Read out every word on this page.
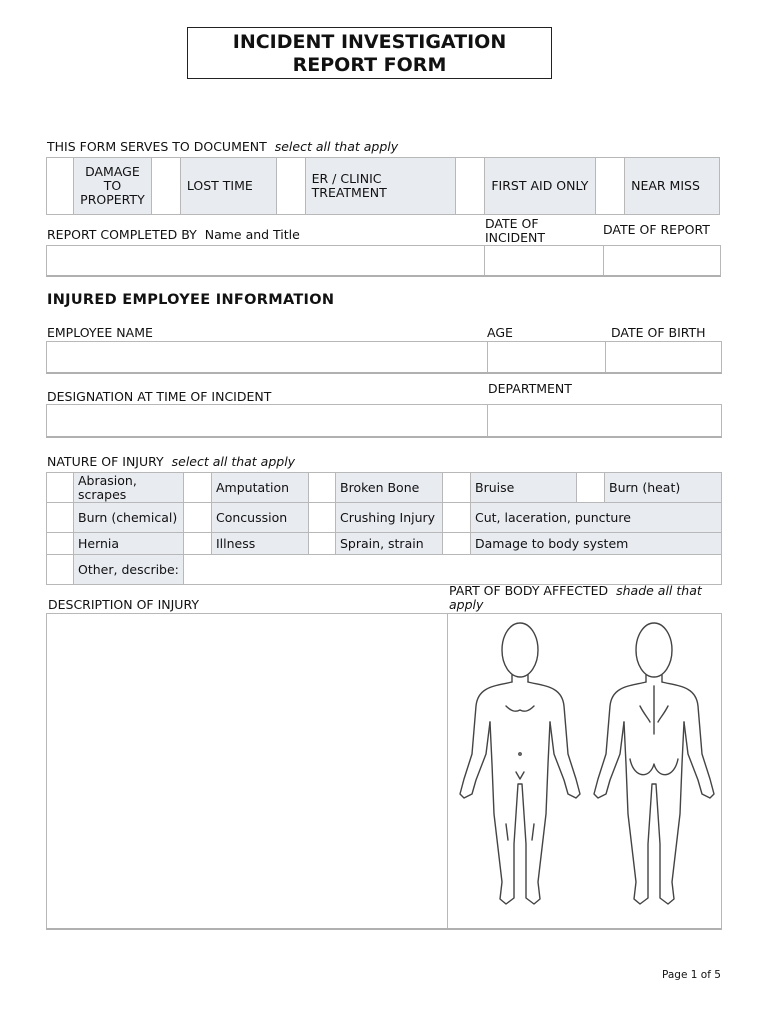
INCIDENT INVESTIGATION
REPORT FORM
THIS FORM SERVES TO DOCUMENT select all that apply
	DAMAGE TO PROPERTY		LOST TIME		ER / CLINIC TREATMENT		FIRST AID ONLY		NEAR MISS
REPORT COMPLETED BY Name and Title
DATE OF INCIDENT
DATE OF REPORT
INJURED EMPLOYEE INFORMATION
EMPLOYEE NAME	AGE	DATE OF BIRTH
DESIGNATION AT TIME OF INCIDENT
DEPARTMENT
NATURE OF INJURY select all that apply
	Abrasion, scrapes		Amputation		Broken Bone		Bruise		Burn (heat)
	Burn (chemical)		Concussion		Crushing Injury		Cut, laceration, puncture		
	Hernia		Illness		Sprain, strain		Damage to body system		
	Other, describe:								
DESCRIPTION OF INJURY
PART OF BODY AFFECTED shade all that apply
Page 1 of 5
